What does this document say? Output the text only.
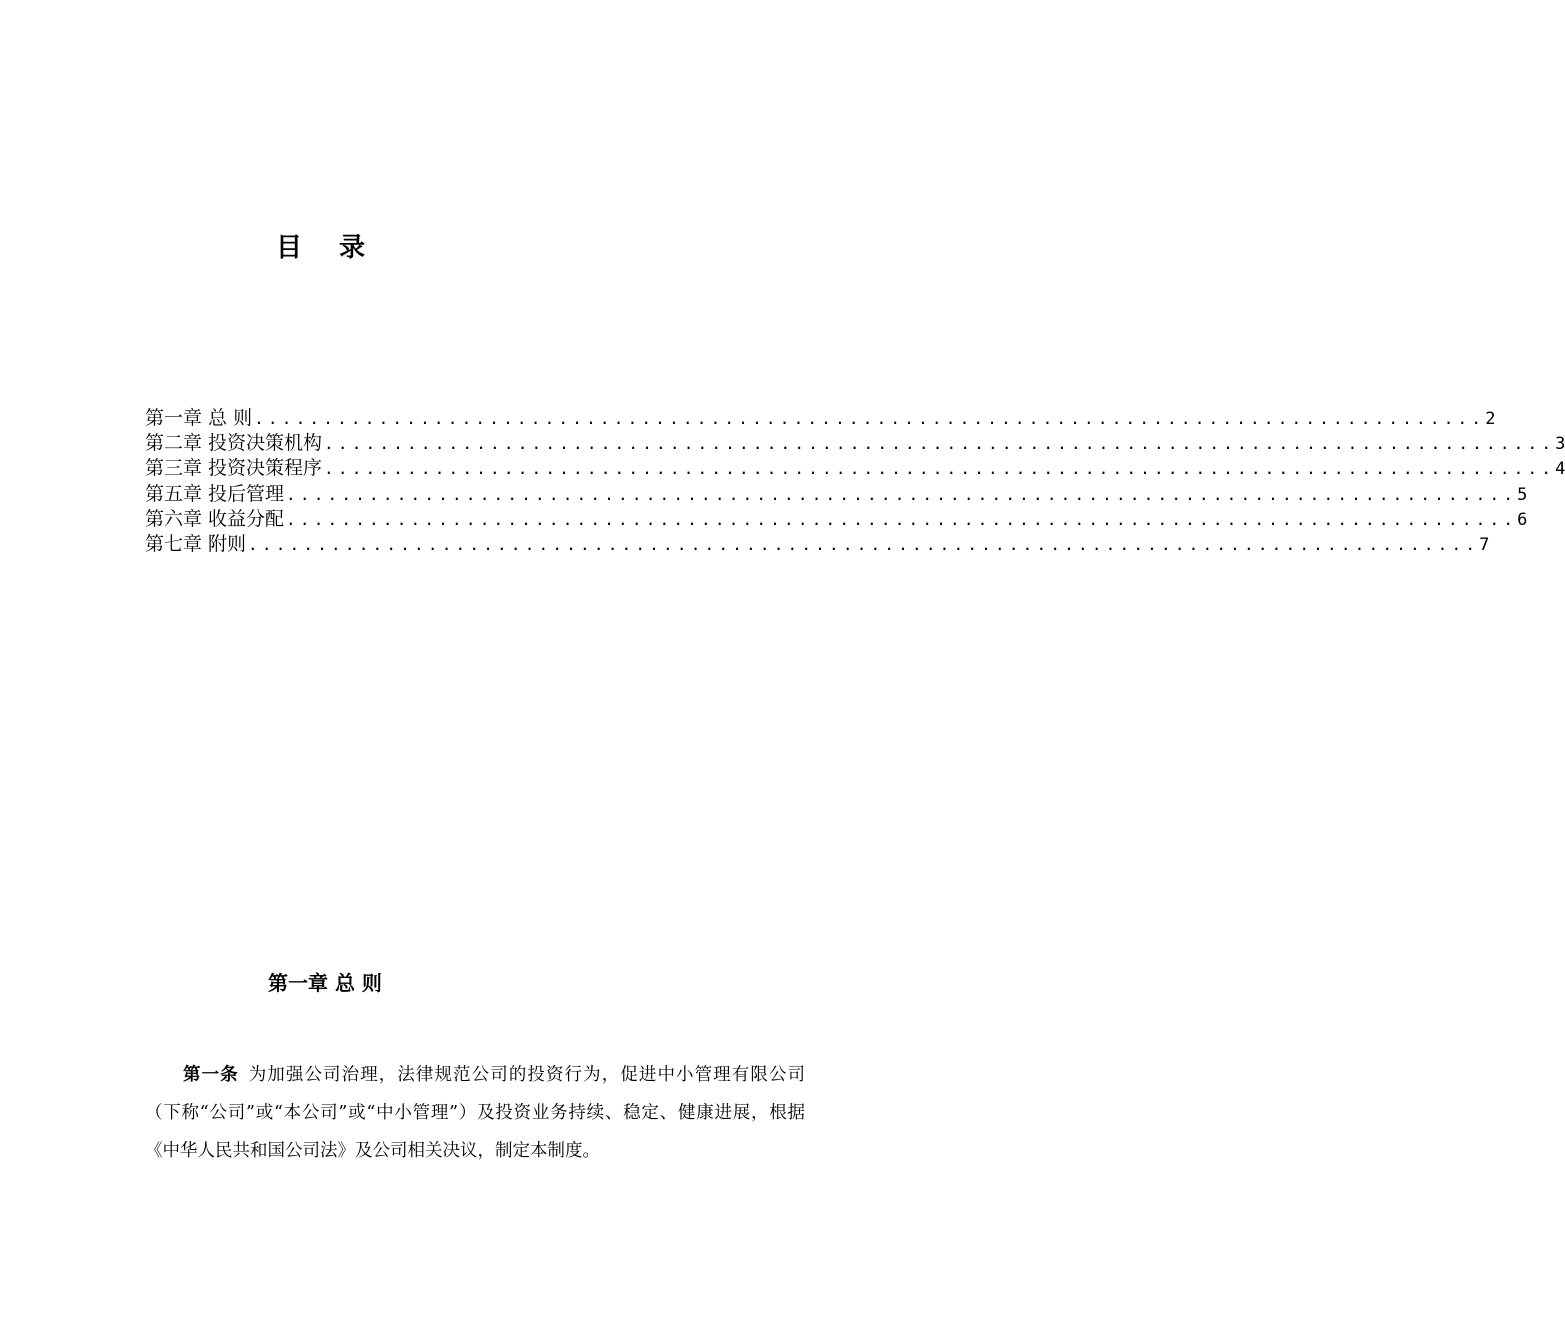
目 录
第一章 总 则 ......................................................................................... 2
第二章 投资决策机构 ......................................................................................... 3
第三章 投资决策程序 ......................................................................................... 4
第五章 投后管理 ......................................................................................... 5
第六章 收益分配 ......................................................................................... 6
第七章 附则 ......................................................................................... 7
第一章 总 则

第一条 为加强公司治理，法律规范公司的投资行为，促进中小管理有限公司（下称“公司”或“本公司”或“中小管理”）及投资业务持续、稳定、健康进展，根据《中华人民共和国公司法》及公司相关决议，制定本制度。
